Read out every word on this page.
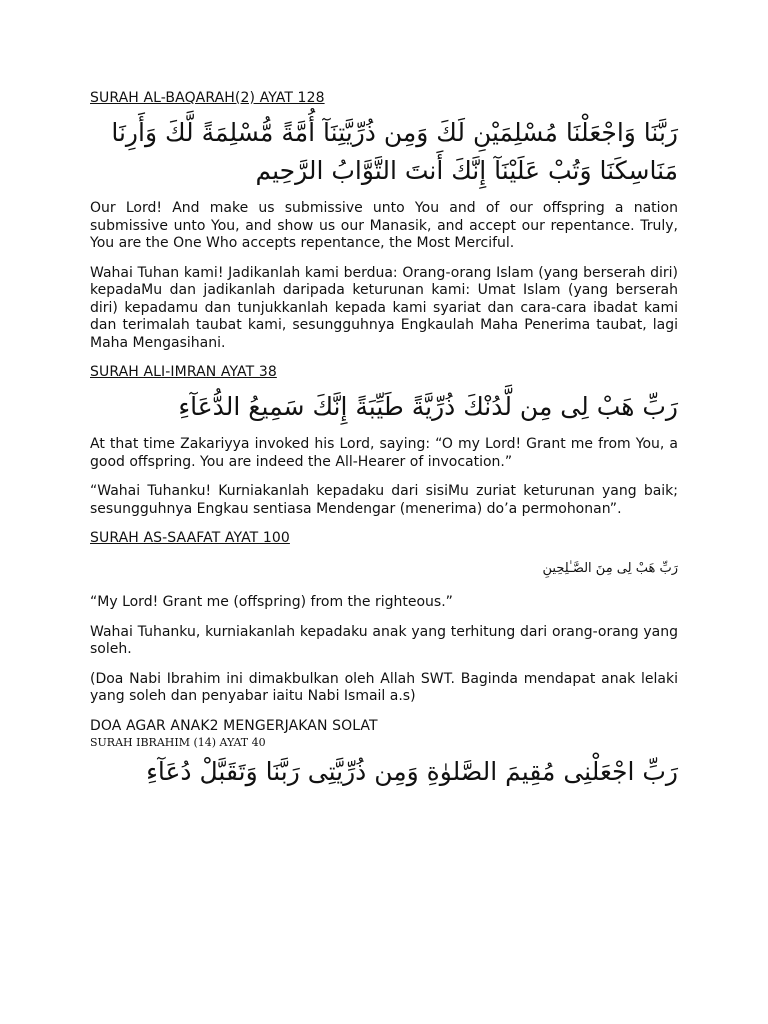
SURAH AL-BAQARAH(2) AYAT 128
رَبَّنَا وَاجْعَلْنَا مُسْلِمَيْنِ لَكَ وَمِن ذُرِّيَّتِنَآ أُمَّةً مُّسْلِمَةً لَّكَ وَأَرِنَا مَنَاسِكَنَا وَتُبْ عَلَيْنَآ إِنَّكَ أَنتَ التَّوَّابُ الرَّحِيم

Our Lord! And make us submissive unto You and of our offspring a nation submissive unto You, and show us our Manasik, and accept our repentance. Truly, You are the One Who accepts repentance, the Most Merciful.

Wahai Tuhan kami! Jadikanlah kami berdua: Orang-orang Islam (yang berserah diri) kepadaMu dan jadikanlah daripada keturunan kami: Umat Islam (yang berserah diri) kepadamu dan tunjukkanlah kepada kami syariat dan cara-cara ibadat kami dan terimalah taubat kami, sesungguhnya Engkaulah Maha Penerima taubat, lagi Maha Mengasihani.

SURAH ALI-IMRAN AYAT 38
رَبِّ هَبْ لِى مِن لَّدُنْكَ ذُرِّيَّةً طَيِّبَةً إِنَّكَ سَمِيعُ الدُّعَآءِ

At that time Zakariyya invoked his Lord, saying: “O my Lord! Grant me from You, a good offspring. You are indeed the All-Hearer of invocation.”

“Wahai Tuhanku! Kurniakanlah kepadaku dari sisiMu zuriat keturunan yang baik; sesungguhnya Engkau sentiasa Mendengar (menerima) do’a permohonan”.

SURAH AS-SAAFAT AYAT 100
رَبِّ هَبْ لِى مِنَ الصَّـٰلِحِينِ

“My Lord! Grant me (offspring) from the righteous.”

Wahai Tuhanku, kurniakanlah kepadaku anak yang terhitung dari orang-orang yang soleh.

(Doa Nabi Ibrahim ini dimakbulkan oleh Allah SWT. Baginda mendapat anak lelaki yang soleh dan penyabar iaitu Nabi Ismail a.s)

DOA AGAR ANAK2 MENGERJAKAN SOLAT
SURAH IBRAHIM (14) AYAT 40
رَبِّ اجْعَلْنِى مُقِيمَ الصَّلوٰةِ وَمِن ذُرِّيَّتِى رَبَّنَا وَتَقَبَّلْ دُعَآءِ
